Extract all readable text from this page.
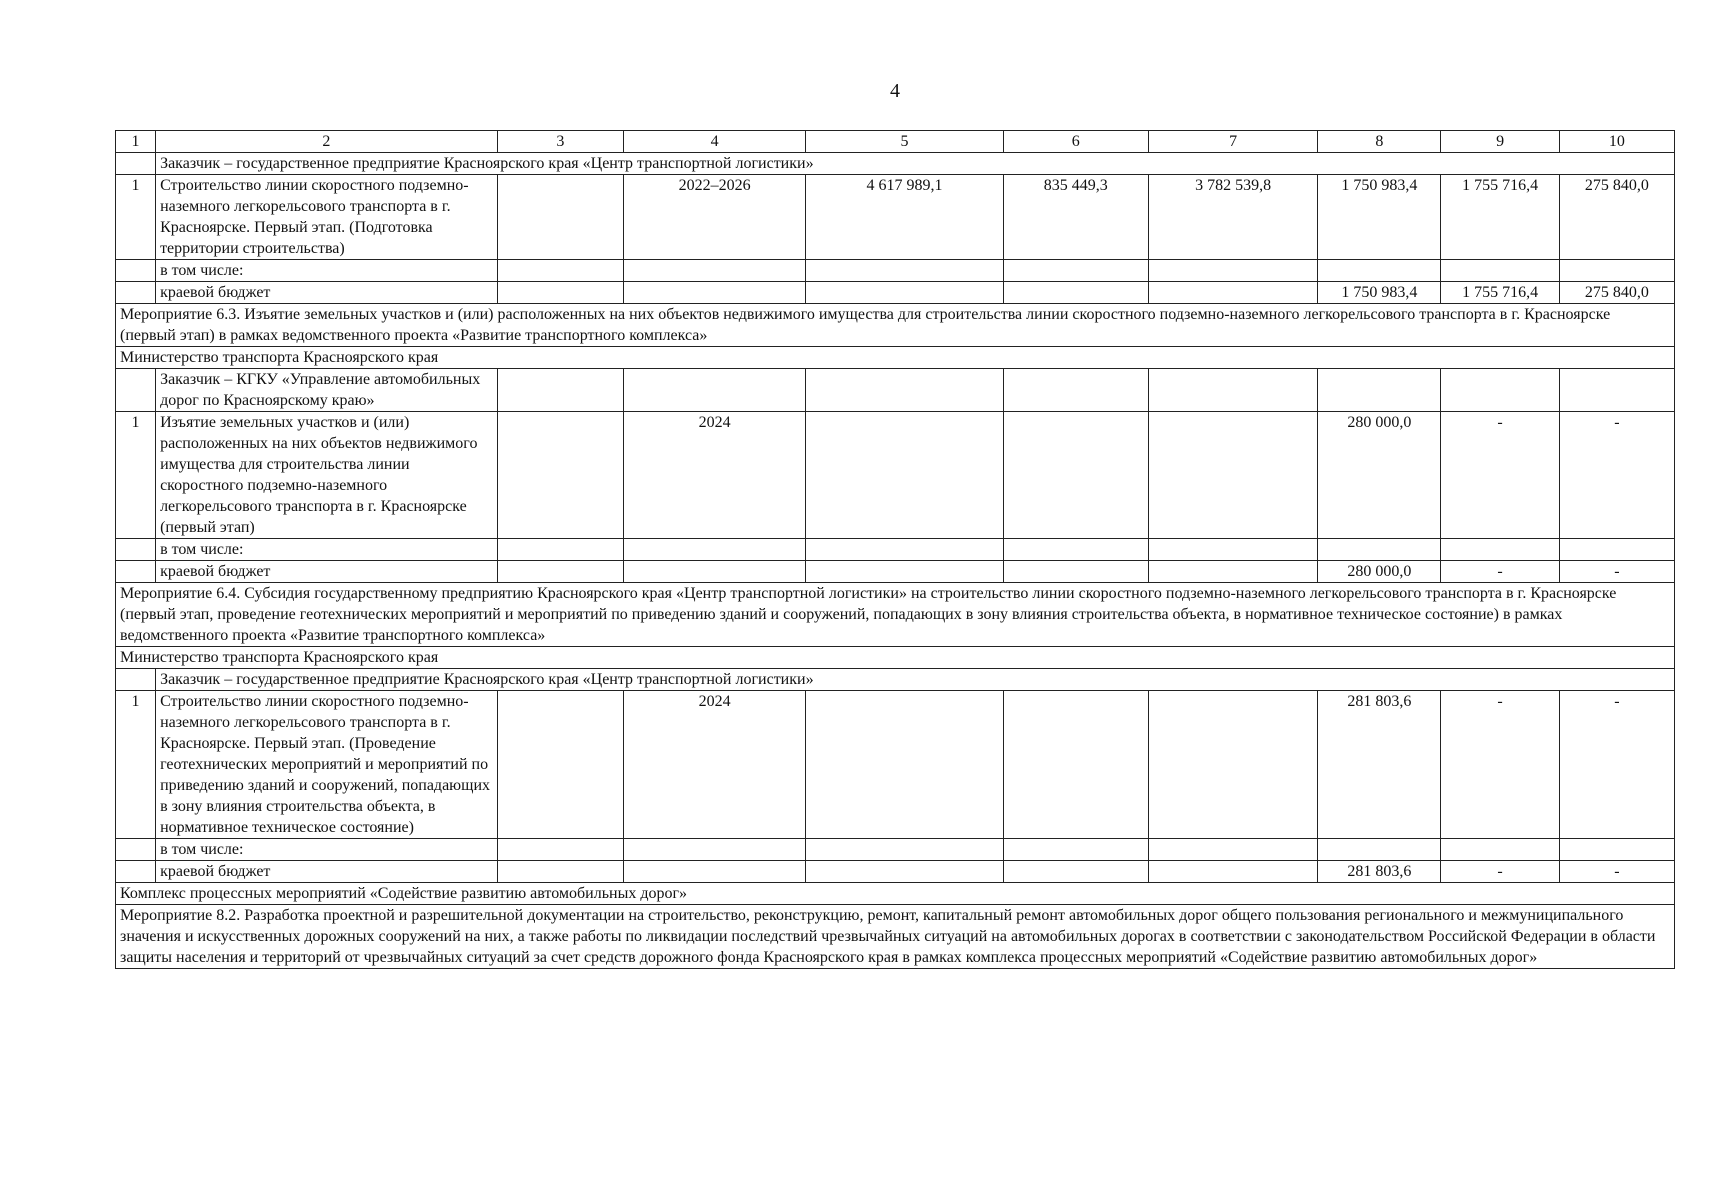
4
1	2	3	4	5	6	7	8	9	10
	Заказчик – государственное предприятие Красноярского края «Центр транспортной логистики»								
1	Строительство линии скоростного подземно-наземного легкорельсового транспорта в г. Красноярске. Первый этап. (Подготовка территории строительства)		2022–2026	4 617 989,1	835 449,3	3 782 539,8	1 750 983,4	1 755 716,4	275 840,0
	в том числе:								
	краевой бюджет						1 750 983,4	1 755 716,4	275 840,0
Мероприятие 6.3. Изъятие земельных участков и (или) расположенных на них объектов недвижимого имущества для строительства линии скоростного подземно-наземного легкорельсового транспорта в г. Красноярске (первый этап) в рамках ведомственного проекта «Развитие транспортного комплекса»									
Министерство транспорта Красноярского края									
	Заказчик – КГКУ «Управление автомобильных дорог по Красноярскому краю»								
1	Изъятие земельных участков и (или) расположенных на них объектов недвижимого имущества для строительства линии скоростного подземно-наземного легкорельсового транспорта в г. Красноярске (первый этап)		2024				280 000,0	-	-
	в том числе:								
	краевой бюджет						280 000,0	-	-
Мероприятие 6.4. Субсидия государственному предприятию Красноярского края «Центр транспортной логистики» на строительство линии скоростного подземно-наземного легкорельсового транспорта в г. Красноярске (первый этап, проведение геотехнических мероприятий и мероприятий по приведению зданий и сооружений, попадающих в зону влияния строительства объекта, в нормативное техническое состояние) в рамках ведомственного проекта «Развитие транспортного комплекса»									
Министерство транспорта Красноярского края									
	Заказчик – государственное предприятие Красноярского края «Центр транспортной логистики»								
1	Строительство линии скоростного подземно-наземного легкорельсового транспорта в г. Красноярске. Первый этап. (Проведение геотехнических мероприятий и мероприятий по приведению зданий и сооружений, попадающих в зону влияния строительства объекта, в нормативное техническое состояние)		2024				281 803,6	-	-
	в том числе:								
	краевой бюджет						281 803,6	-	-
Комплекс процессных мероприятий «Содействие развитию автомобильных дорог»									
Мероприятие 8.2. Разработка проектной и разрешительной документации на строительство, реконструкцию, ремонт, капитальный ремонт автомобильных дорог общего пользования регионального и межмуниципального значения и искусственных дорожных сооружений на них, а также работы по ликвидации последствий чрезвычайных ситуаций на автомобильных дорогах в соответствии с законодательством Российской Федерации в области защиты населения и территорий от чрезвычайных ситуаций за счет средств дорожного фонда Красноярского края в рамках комплекса процессных мероприятий «Содействие развитию автомобильных дорог»									
